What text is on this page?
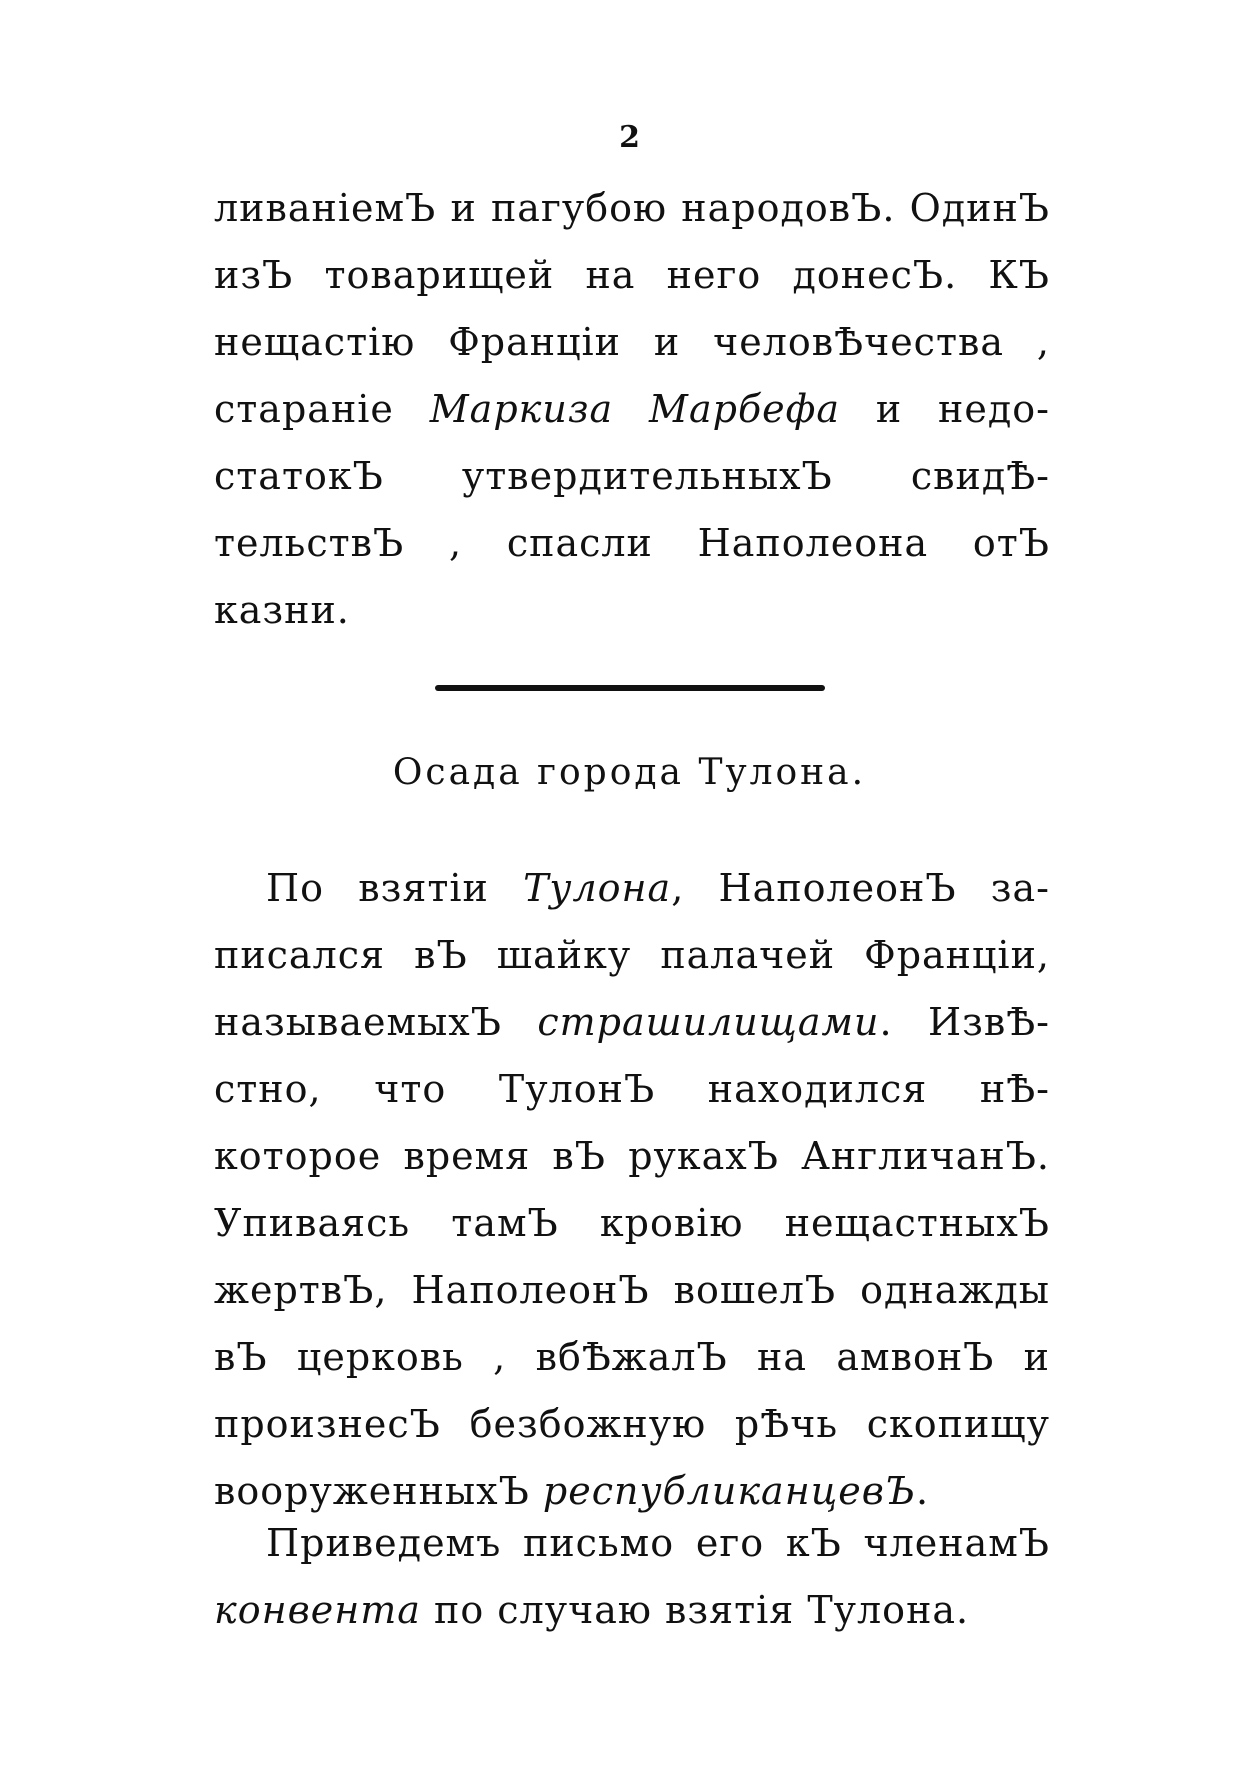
2
ливаніемЪ и пагубою народовЪ. ОдинЪ
изЪ товарищей на него донесЪ. КЪ
нещастію Франціи и человѢчества ,
стараніе Маркиза Марбефа и недо-
статокЪ утвердительныхЪ свидѢ-
тельствЪ , спасли Наполеона отЪ
казни.
Осада города Тулона.
По взятіи Тулона, НаполеонЪ за-
писался вЪ шайку палачей Франціи,
называемыхЪ страшилищами. ИзвѢ-
стно, что ТулонЪ находился нѢ-
которое время вЪ рукахЪ АнгличанЪ.
Упиваясь тамЪ кровію нещастныхЪ
жертвЪ, НаполеонЪ вошелЪ однажды
вЪ церковь , вбѢжалЪ на амвонЪ и
произнесЪ безбожную рѢчь скопищу
вооруженныхЪ республиканцевЪ.
Приведемъ письмо его кЪ членамЪ
конвента по случаю взятія Тулона.
